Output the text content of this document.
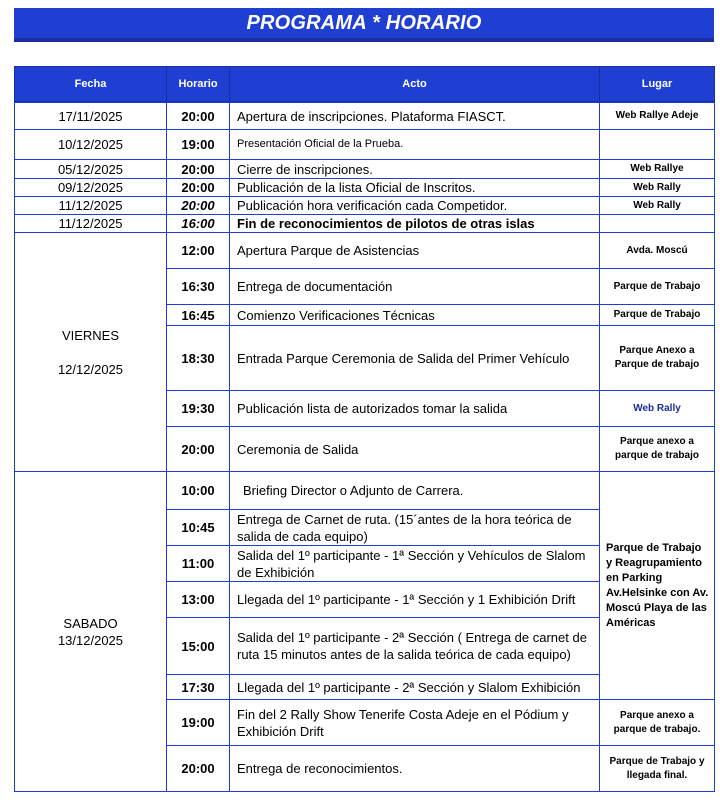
PROGRAMA * HORARIO
Fecha	Horario	Acto	Lugar

17/11/2025	20:00	Apertura de inscripciones. Plataforma FIASCT.	Web Rallye Adeje
10/12/2025	19:00	Presentación Oficial de la Prueba.	
05/12/2025	20:00	Cierre de inscripciones.	Web Rallye
09/12/2025	20:00	Publicación de la lista Oficial de Inscritos.	Web Rally
11/12/2025	20:00	Publicación hora verificación cada Competidor.	Web Rally
11/12/2025	16:00	Fin de reconocimientos de pilotos de otras islas	

VIERNES
12/12/2025	12:00	Apertura Parque de Asistencias	Avda. Moscú
	16:30	Entrega de documentación	Parque de Trabajo
	16:45	Comienzo Verificaciones Técnicas	Parque de Trabajo
	18:30	Entrada Parque Ceremonia de Salida del Primer Vehículo	Parque Anexo a Parque de trabajo
	19:30	Publicación lista de autorizados tomar la salida	Web Rally
	20:00	Ceremonia de Salida	Parque anexo a parque de trabajo

SABADO
13/12/2025	10:00	Briefing Director o Adjunto de Carrera.	Parque de Trabajo y Reagrupamiento en Parking Av.Helsinke con Av. Moscú Playa de las Américas
	10:45	Entrega de Carnet de ruta. (15´antes de la hora teórica de salida de cada equipo)	
	11:00	Salida del 1º participante - 1ª Sección y Vehículos de Slalom de Exhibición	
	13:00	Llegada del 1º participante - 1ª Sección y 1 Exhibición Drift	
	15:00	Salida del 1º participante - 2ª Sección ( Entrega de carnet de ruta 15 minutos antes de la salida teórica de cada equipo)	
	17:30	Llegada del 1º participante - 2ª Sección y Slalom Exhibición	
	19:00	Fin del 2 Rally Show Tenerife Costa Adeje en el Pódium y Exhibición Drift	Parque anexo a parque de trabajo.
	20:00	Entrega de reconocimientos.	Parque de Trabajo y llegada final.
